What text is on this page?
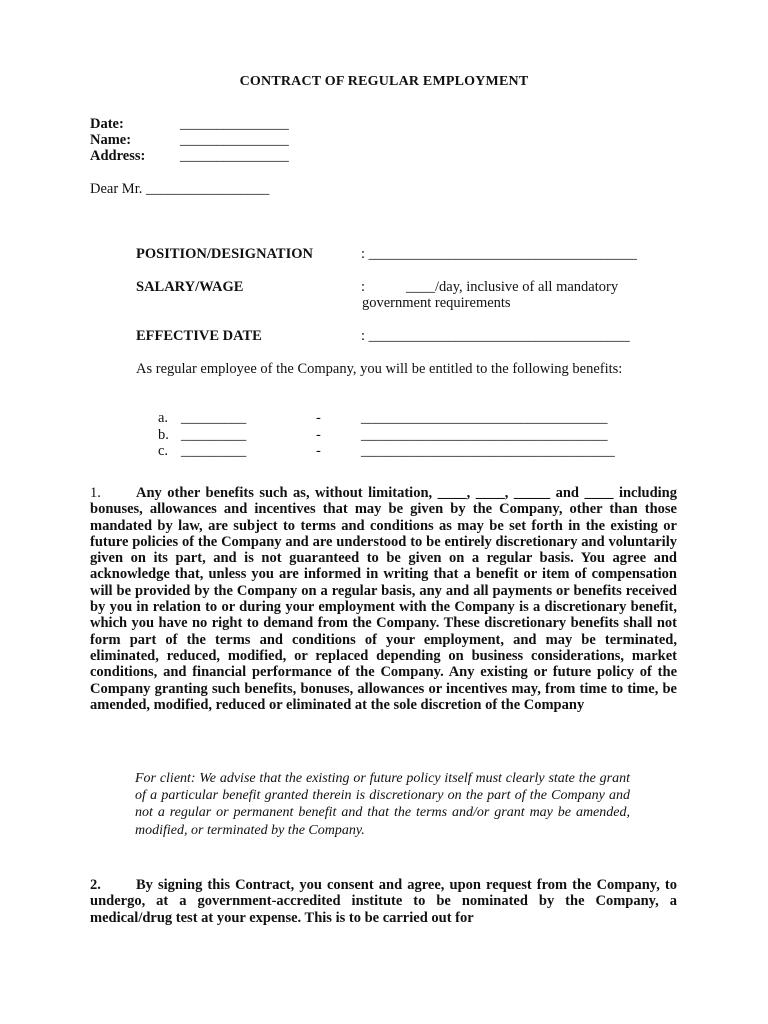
CONTRACT OF REGULAR EMPLOYMENT
Date:	_______________
Name:	_______________
Address: _______________
Dear Mr. _________________
POSITION/DESIGNATION	: _____________________________________
SALARY/WAGE	:	____/day, inclusive of all mandatory
government requirements
EFFECTIVE DATE	: ____________________________________
As regular employee of the Company, you will be entitled to the following benefits:
a. _________	-	__________________________________
b. _________	-	__________________________________
c. _________	-	___________________________________
1. Any other benefits such as, without limitation, ____, ____, _____ and ____ including bonuses, allowances and incentives that may be given by the Company, other than those mandated by law, are subject to terms and conditions as may be set forth in the existing or future policies of the Company and are understood to be entirely discretionary and voluntarily given on its part, and is not guaranteed to be given on a regular basis. You agree and acknowledge that, unless you are informed in writing that a benefit or item of compensation will be provided by the Company on a regular basis, any and all payments or benefits received by you in relation to or during your employment with the Company is a discretionary benefit, which you have no right to demand from the Company. These discretionary benefits shall not form part of the terms and conditions of your employment, and may be terminated, eliminated, reduced, modified, or replaced depending on business considerations, market conditions, and financial performance of the Company. Any existing or future policy of the Company granting such benefits, bonuses, allowances or incentives may, from time to time, be amended, modified, reduced or eliminated at the sole discretion of the Company
For client: We advise that the existing or future policy itself must clearly state the grant of a particular benefit granted therein is discretionary on the part of the Company and not a regular or permanent benefit and that the terms and/or grant may be amended, modified, or terminated by the Company.
2. By signing this Contract, you consent and agree, upon request from the Company, to undergo, at a government-accredited institute to be nominated by the Company, a medical/drug test at your expense. This is to be carried out for
